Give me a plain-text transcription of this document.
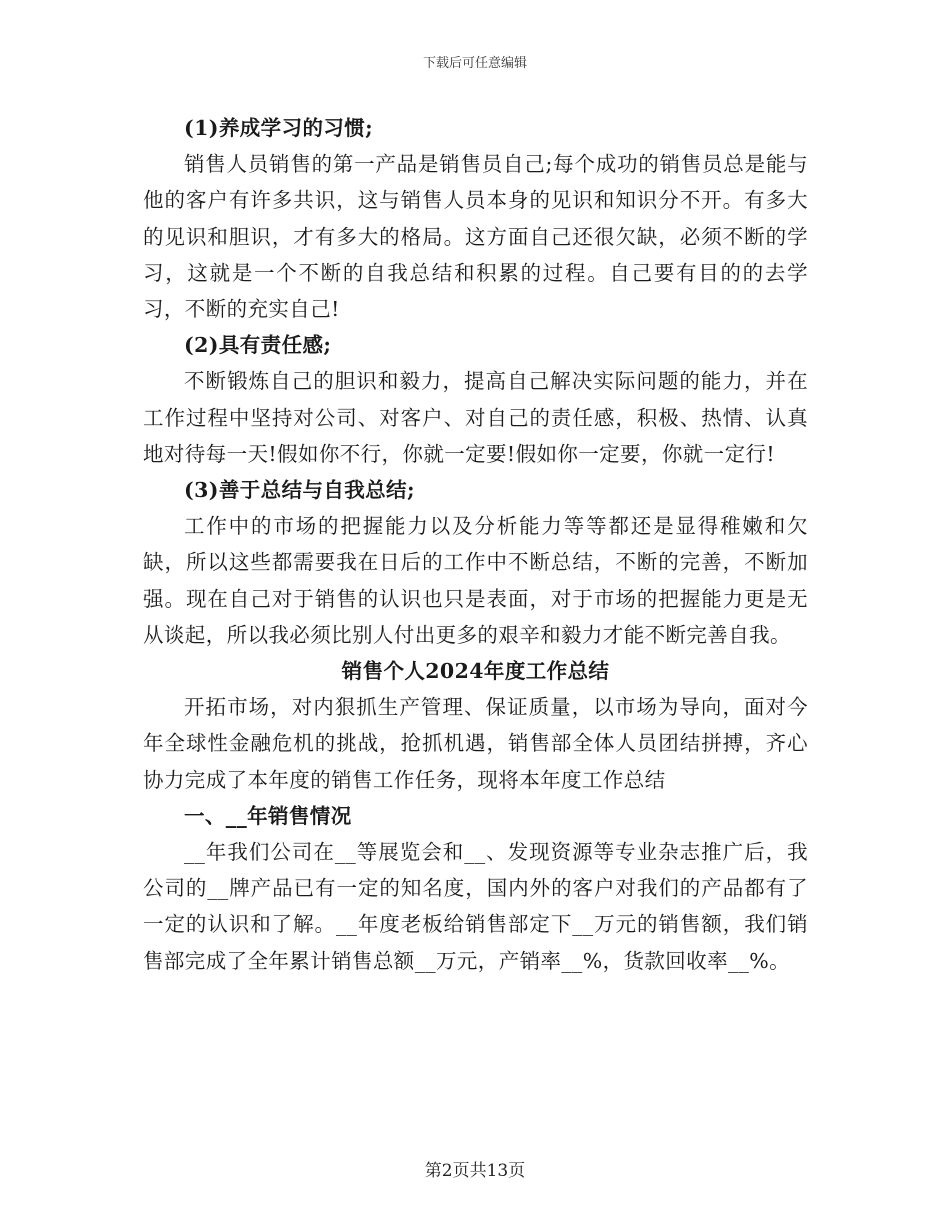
下载后可任意编辑

(1)养成学习的习惯;

销售人员销售的第一产品是销售员自己;每个成功的销售员总是能与他的客户有许多共识，这与销售人员本身的见识和知识分不开。有多大的见识和胆识，才有多大的格局。这方面自己还很欠缺，必须不断的学习，这就是一个不断的自我总结和积累的过程。自己要有目的的去学习，不断的充实自己!

(2)具有责任感;

不断锻炼自己的胆识和毅力，提高自己解决实际问题的能力，并在工作过程中坚持对公司、对客户、对自己的责任感，积极、热情、认真地对待每一天!假如你不行，你就一定要!假如你一定要，你就一定行!

(3)善于总结与自我总结;

工作中的市场的把握能力以及分析能力等等都还是显得稚嫩和欠缺，所以这些都需要我在日后的工作中不断总结，不断的完善，不断加强。现在自己对于销售的认识也只是表面，对于市场的把握能力更是无从谈起，所以我必须比别人付出更多的艰辛和毅力才能不断完善自我。

销售个人2024年度工作总结

开拓市场，对内狠抓生产管理、保证质量，以市场为导向，面对今年全球性金融危机的挑战，抢抓机遇，销售部全体人员团结拼搏，齐心协力完成了本年度的销售工作任务，现将本年度工作总结

一、__年销售情况

__年我们公司在__等展览会和__、发现资源等专业杂志推广后，我公司的__牌产品已有一定的知名度，国内外的客户对我们的产品都有了一定的认识和了解。__年度老板给销售部定下__万元的销售额，我们销售部完成了全年累计销售总额__万元，产销率__%，货款回收率__%。

第2页共13页
